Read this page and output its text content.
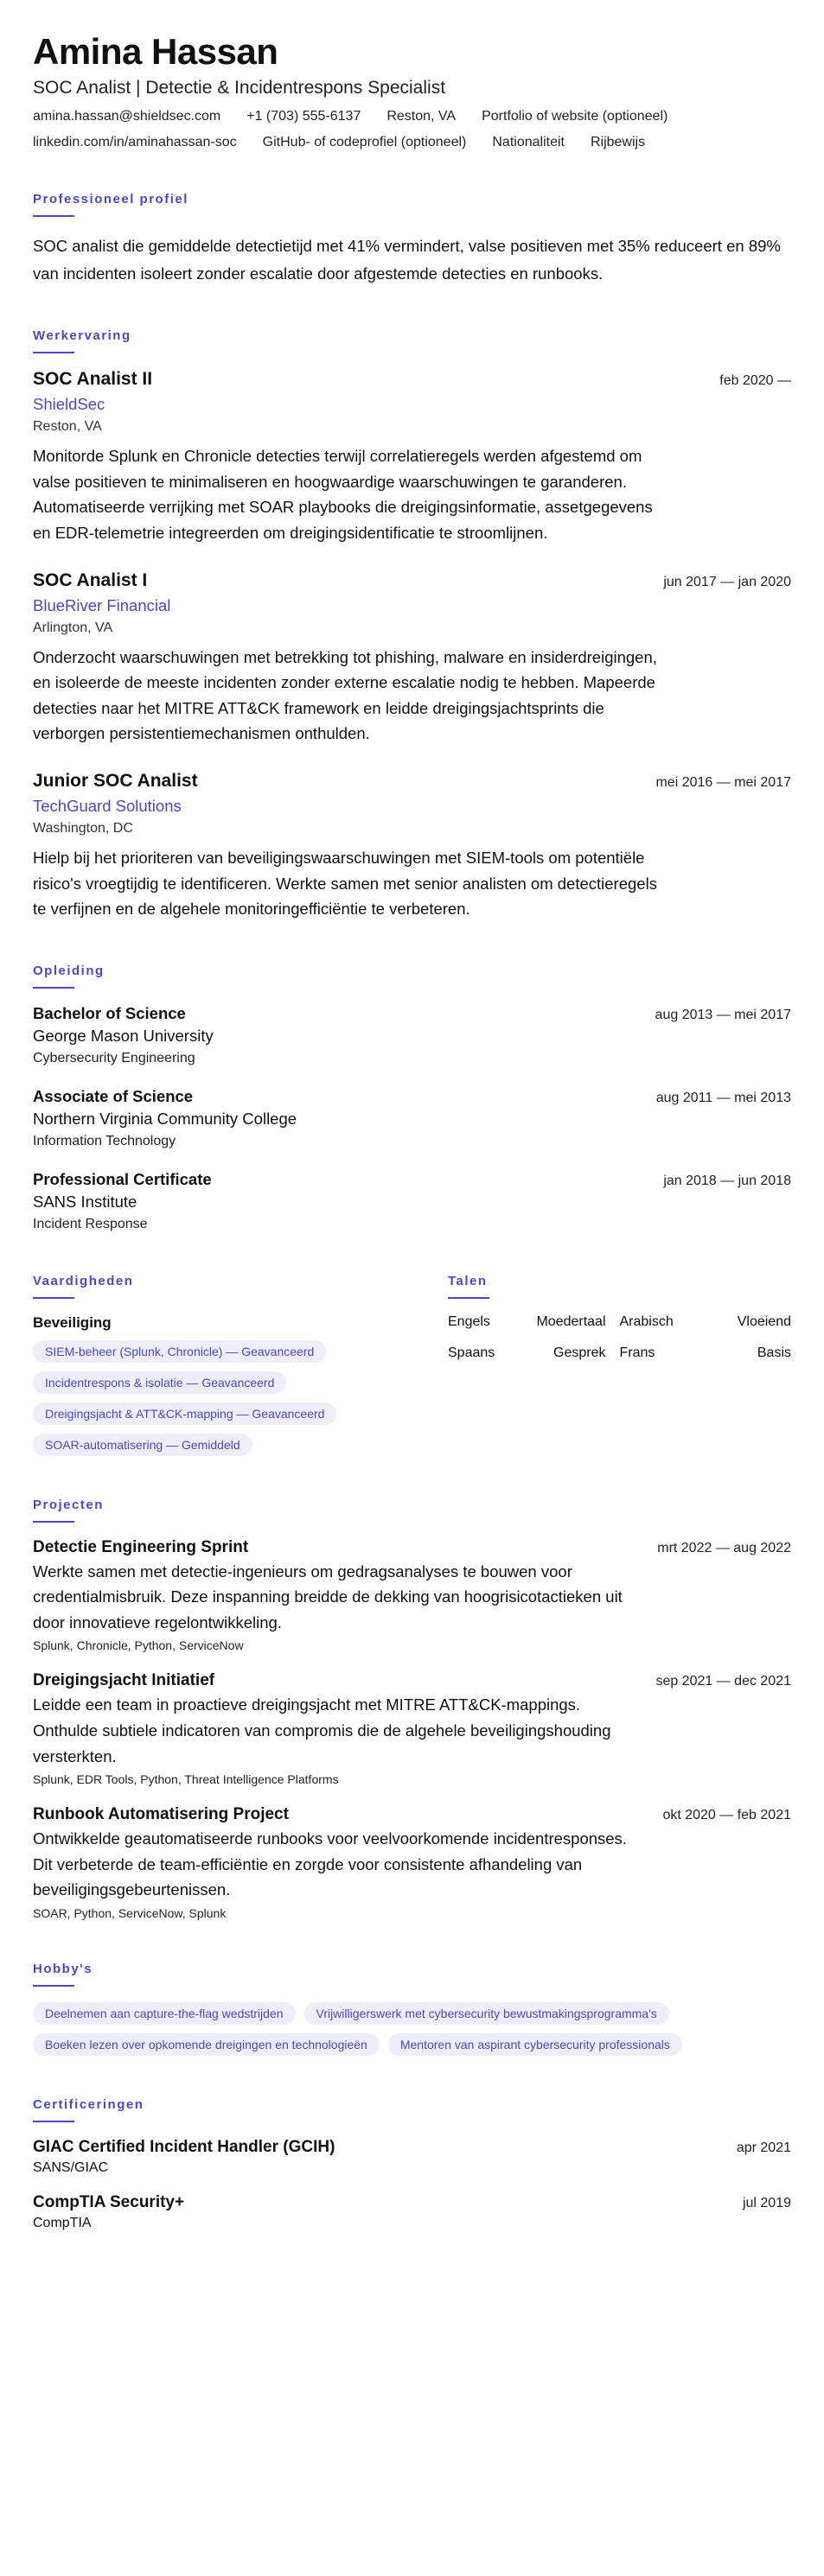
Amina Hassan
SOC Analist | Detectie & Incidentrespons Specialist
amina.hassan@shieldsec.com +1 (703) 555-6137 Reston, VA Portfolio of website (optioneel)
linkedin.com/in/aminahassan-soc GitHub- of codeprofiel (optioneel) Nationaliteit Rijbewijs
Professioneel profiel

SOC analist die gemiddelde detectietijd met 41% vermindert, valse positieven met 35% reduceert en 89% van incidenten isoleert zonder escalatie door afgestemde detecties en runbooks.

Werkervaring
SOC Analist II	feb 2020 —
ShieldSec
Reston, VA
Monitorde Splunk en Chronicle detecties terwijl correlatieregels werden afgestemd om valse positieven te minimaliseren en hoogwaardige waarschuwingen te garanderen. Automatiseerde verrijking met SOAR playbooks die dreigingsinformatie, assetgegevens en EDR-telemetrie integreerden om dreigingsidentificatie te stroomlijnen.
SOC Analist I	jun 2017 — jan 2020
BlueRiver Financial
Arlington, VA
Onderzocht waarschuwingen met betrekking tot phishing, malware en insiderdreigingen, en isoleerde de meeste incidenten zonder externe escalatie nodig te hebben. Mapeerde detecties naar het MITRE ATT&CK framework en leidde dreigingsjachtsprints die verborgen persistentiemechanismen onthulden.
Junior SOC Analist	mei 2016 — mei 2017
TechGuard Solutions
Washington, DC
Hielp bij het prioriteren van beveiligingswaarschuwingen met SIEM-tools om potentiële risico's vroegtijdig te identificeren. Werkte samen met senior analisten om detectieregels te verfijnen en de algehele monitoringefficiëntie te verbeteren.
Opleiding
Bachelor of Science	aug 2013 — mei 2017
George Mason University
Cybersecurity Engineering
Associate of Science	aug 2011 — mei 2013
Northern Virginia Community College
Information Technology
Professional Certificate	jan 2018 — jun 2018
SANS Institute
Incident Response
Vaardigheden
Beveiliging
SIEM-beheer (Splunk, Chronicle) — Geavanceerd
Incidentrespons & isolatie — Geavanceerd
Dreigingsjacht & ATT&CK-mapping — Geavanceerd
SOAR-automatisering — Gemiddeld
Talen
Engels	Moedertaal	Arabisch	Vloeiend
Spaans	Gesprek	Frans	Basis
Projecten
Detectie Engineering Sprint	mrt 2022 — aug 2022
Werkte samen met detectie-ingenieurs om gedragsanalyses te bouwen voor credentialmisbruik. Deze inspanning breidde de dekking van hoogrisicotactieken uit door innovatieve regelontwikkeling.
Splunk, Chronicle, Python, ServiceNow
Dreigingsjacht Initiatief	sep 2021 — dec 2021
Leidde een team in proactieve dreigingsjacht met MITRE ATT&CK-mappings. Onthulde subtiele indicatoren van compromis die de algehele beveiligingshouding versterkten.
Splunk, EDR Tools, Python, Threat Intelligence Platforms
Runbook Automatisering Project	okt 2020 — feb 2021
Ontwikkelde geautomatiseerde runbooks voor veelvoorkomende incidentresponses. Dit verbeterde de team-efficiëntie en zorgde voor consistente afhandeling van beveiligingsgebeurtenissen.
SOAR, Python, ServiceNow, Splunk
Hobby's
Deelnemen aan capture-the-flag wedstrijden	Vrijwilligerswerk met cybersecurity bewustmakingsprogramma's
Boeken lezen over opkomende dreigingen en technologieën	Mentoren van aspirant cybersecurity professionals
Certificeringen
GIAC Certified Incident Handler (GCIH)	apr 2021
SANS/GIAC
CompTIA Security+	jul 2019
CompTIA
